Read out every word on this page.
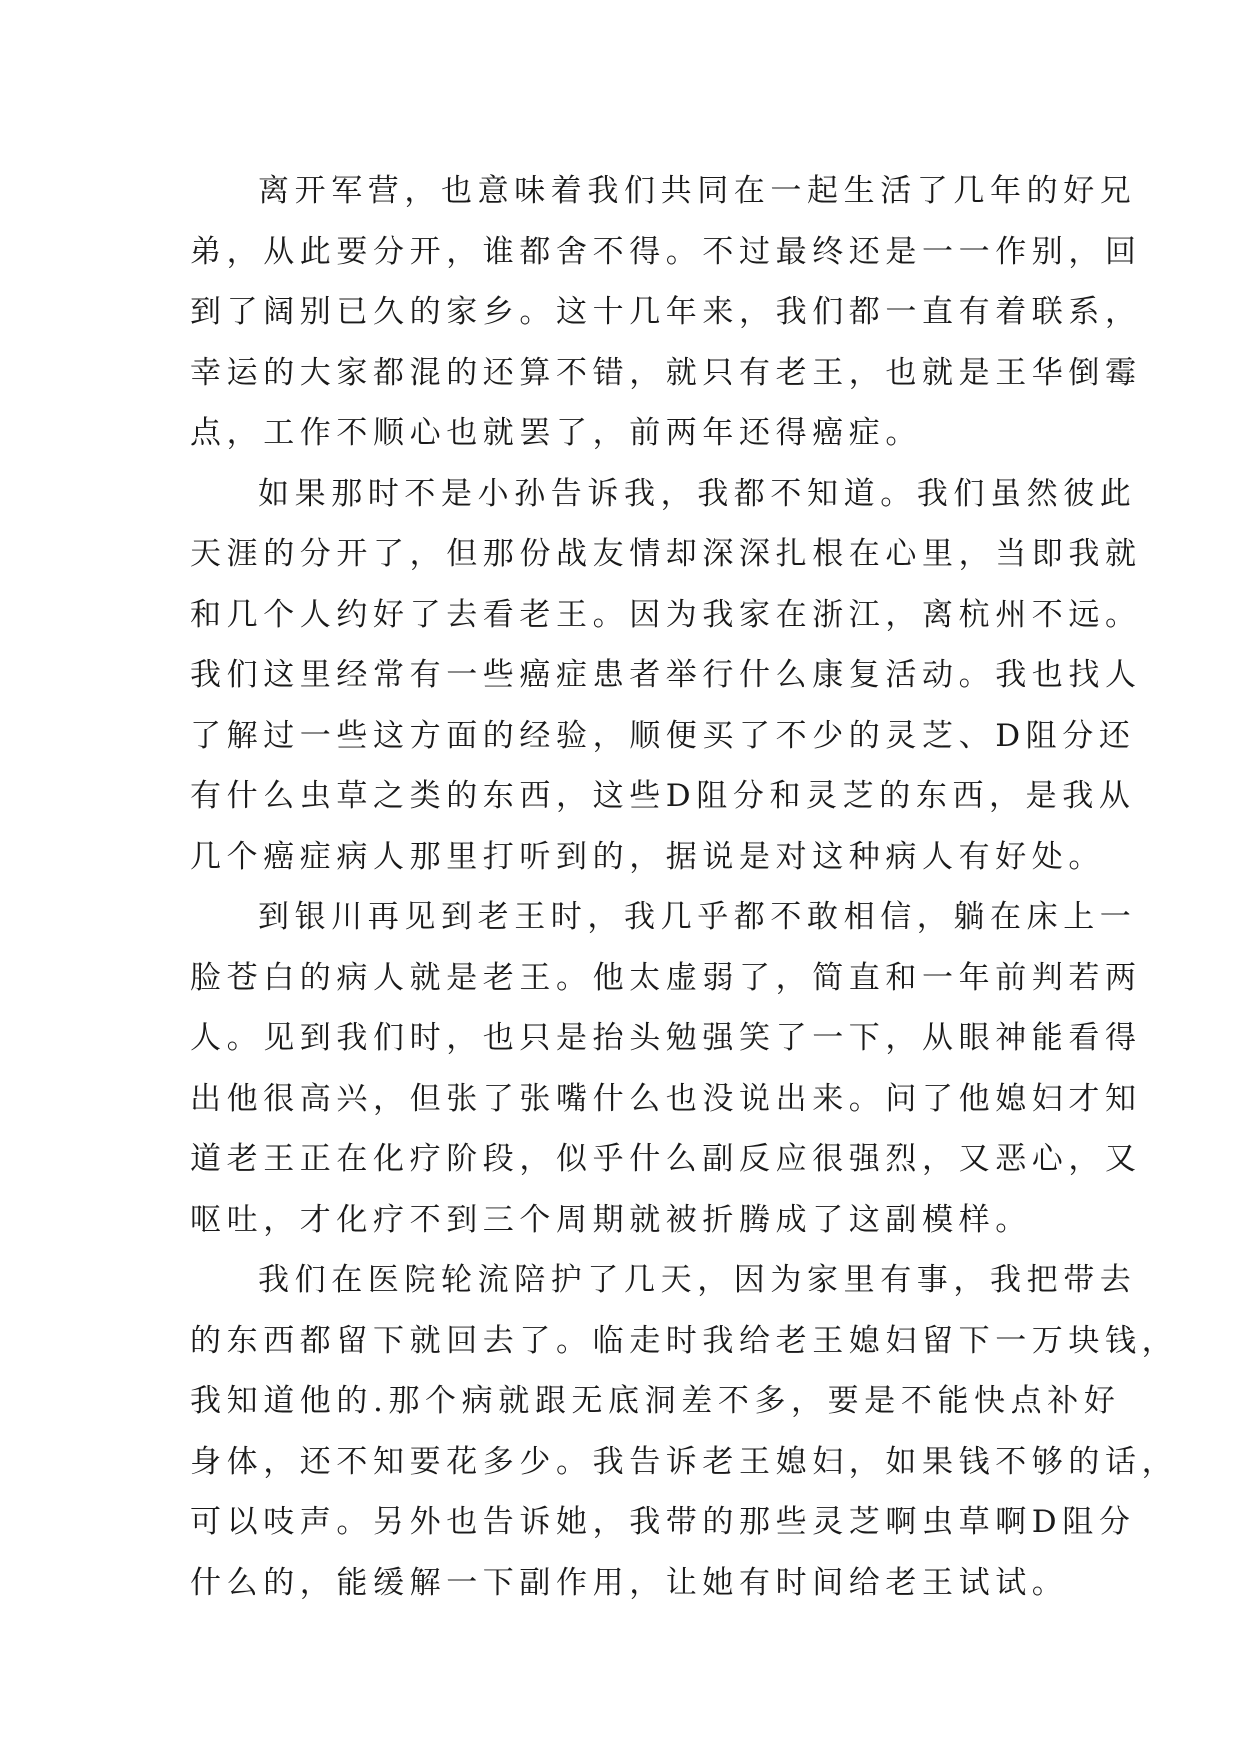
离开军营，也意味着我们共同在一起生活了几年的好兄
弟，从此要分开，谁都舍不得。不过最终还是一一作别，回
到了阔别已久的家乡。这十几年来，我们都一直有着联系，
幸运的大家都混的还算不错，就只有老王，也就是王华倒霉
点，工作不顺心也就罢了，前两年还得癌症。
如果那时不是小孙告诉我，我都不知道。我们虽然彼此
天涯的分开了，但那份战友情却深深扎根在心里，当即我就
和几个人约好了去看老王。因为我家在浙江，离杭州不远。
我们这里经常有一些癌症患者举行什么康复活动。我也找人
了解过一些这方面的经验，顺便买了不少的灵芝、D阻分还
有什么虫草之类的东西，这些D阻分和灵芝的东西，是我从
几个癌症病人那里打听到的，据说是对这种病人有好处。
到银川再见到老王时，我几乎都不敢相信，躺在床上一
脸苍白的病人就是老王。他太虚弱了，简直和一年前判若两
人。见到我们时，也只是抬头勉强笑了一下，从眼神能看得
出他很高兴，但张了张嘴什么也没说出来。问了他媳妇才知
道老王正在化疗阶段，似乎什么副反应很强烈，又恶心，又
呕吐，才化疗不到三个周期就被折腾成了这副模样。
我们在医院轮流陪护了几天，因为家里有事，我把带去
的东西都留下就回去了。临走时我给老王媳妇留下一万块钱，
我知道他的.那个病就跟无底洞差不多，要是不能快点补好
身体，还不知要花多少。我告诉老王媳妇，如果钱不够的话，
可以吱声。另外也告诉她，我带的那些灵芝啊虫草啊D阻分
什么的，能缓解一下副作用，让她有时间给老王试试。
